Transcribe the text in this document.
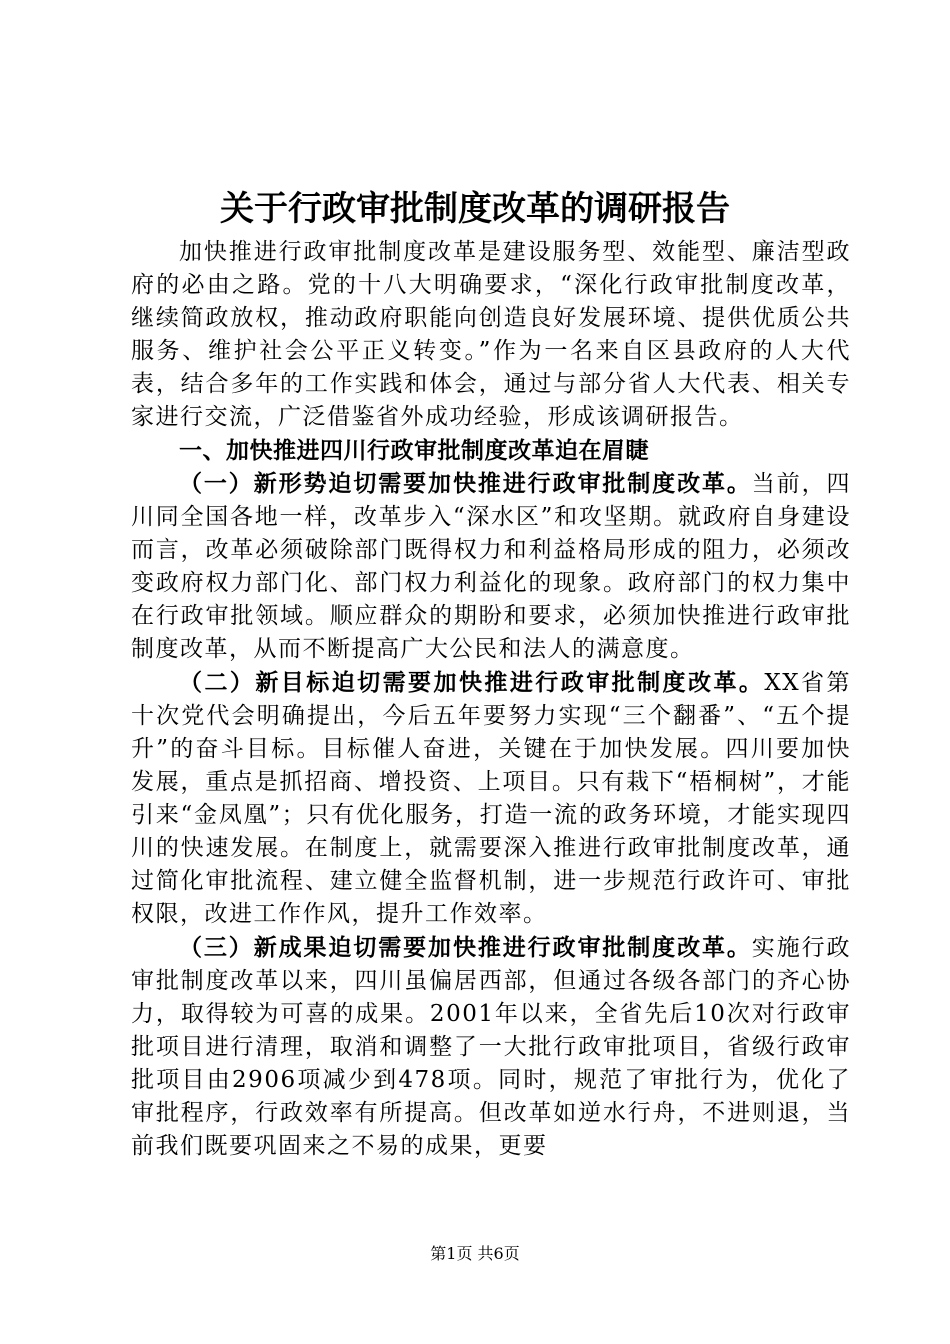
关于行政审批制度改革的调研报告

加快推进行政审批制度改革是建设服务型、效能型、廉洁型政府的必由之路。党的十八大明确要求，“深化行政审批制度改革，继续简政放权，推动政府职能向创造良好发展环境、提供优质公共服务、维护社会公平正义转变。”作为一名来自区县政府的人大代表，结合多年的工作实践和体会，通过与部分省人大代表、相关专家进行交流，广泛借鉴省外成功经验，形成该调研报告。

一、加快推进四川行政审批制度改革迫在眉睫

（一）新形势迫切需要加快推进行政审批制度改革。当前，四川同全国各地一样，改革步入“深水区”和攻坚期。就政府自身建设而言，改革必须破除部门既得权力和利益格局形成的阻力，必须改变政府权力部门化、部门权力利益化的现象。政府部门的权力集中在行政审批领域。顺应群众的期盼和要求，必须加快推进行政审批制度改革，从而不断提高广大公民和法人的满意度。

（二）新目标迫切需要加快推进行政审批制度改革。XX省第十次党代会明确提出，今后五年要努力实现“三个翻番”、“五个提升”的奋斗目标。目标催人奋进，关键在于加快发展。四川要加快发展，重点是抓招商、增投资、上项目。只有栽下“梧桐树”，才能引来“金凤凰”；只有优化服务，打造一流的政务环境，才能实现四川的快速发展。在制度上，就需要深入推进行政审批制度改革，通过简化审批流程、建立健全监督机制，进一步规范行政许可、审批权限，改进工作作风，提升工作效率。

（三）新成果迫切需要加快推进行政审批制度改革。实施行政审批制度改革以来，四川虽偏居西部，但通过各级各部门的齐心协力，取得较为可喜的成果。2001年以来，全省先后10次对行政审批项目进行清理，取消和调整了一大批行政审批项目，省级行政审批项目由2906项减少到478项。同时，规范了审批行为，优化了审批程序，行政效率有所提高。但改革如逆水行舟，不进则退，当前我们既要巩固来之不易的成果，更要

第1页 共6页
